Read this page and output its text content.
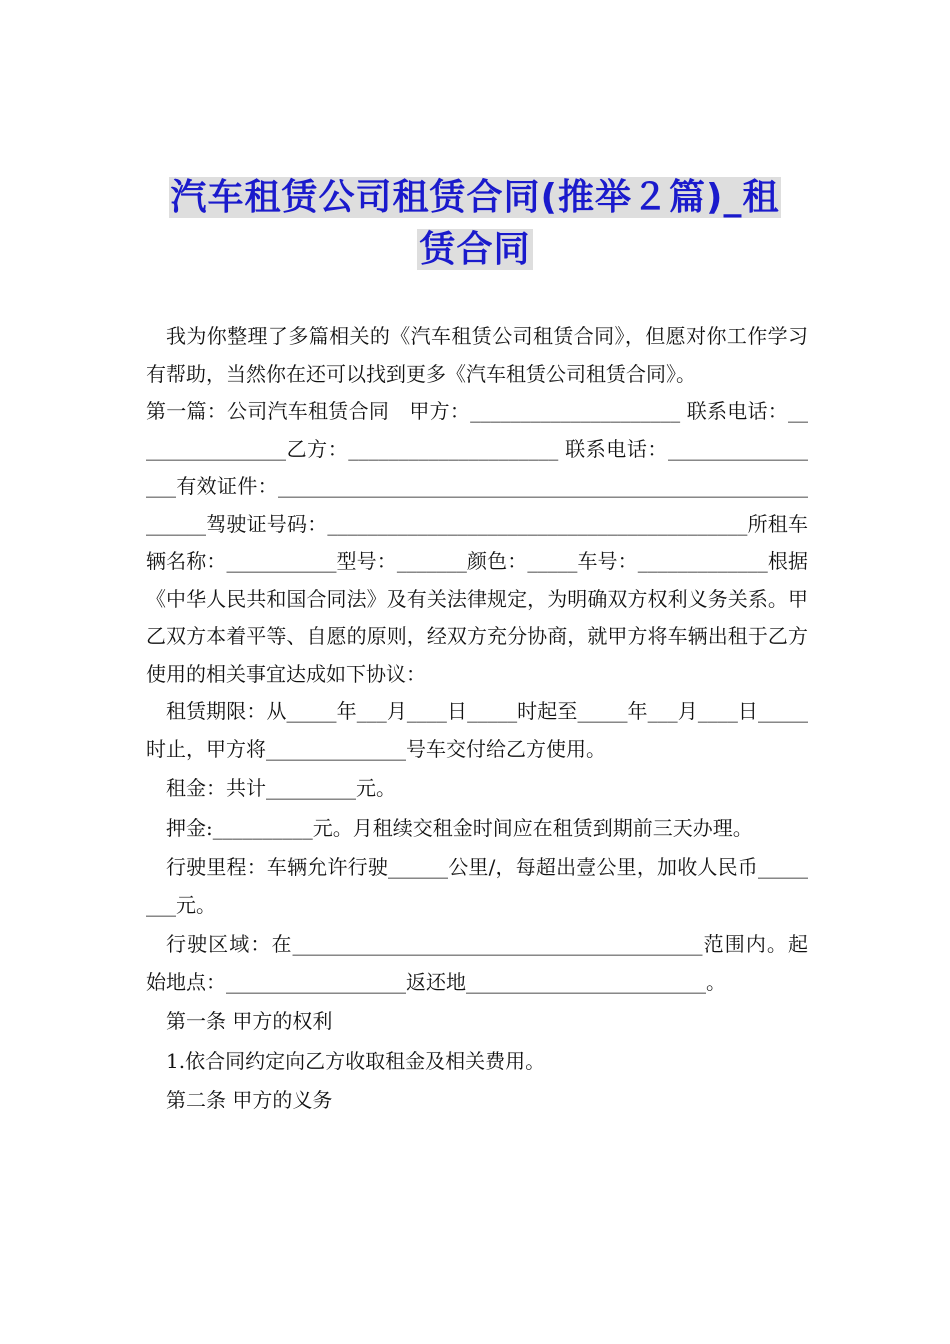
汽车租赁公司租赁合同(推举２篇)_租
赁合同

我为你整理了多篇相关的《汽车租赁公司租赁合同》，但愿对你工作学习有帮助，当然你在还可以找到更多《汽车租赁公司租赁合同》。

第一篇：公司汽车租赁合同　甲方：_____________________ 联系电话：________________乙方：_____________________ 联系电话：_________________有效证件：___________________________________________________________驾驶证号码：__________________________________________所租车辆名称：___________型号：_______颜色：_____车号：_____________根据《中华人民共和国合同法》及有关法律规定，为明确双方权利义务关系。甲乙双方本着平等、自愿的原则，经双方充分协商，就甲方将车辆出租于乙方使用的相关事宜达成如下协议：

租赁期限：从_____年___月____日_____时起至_____年___月____日_____时止，甲方将______________号车交付给乙方使用。

租金：共计_________元。

押金:__________元。月租续交租金时间应在租赁到期前三天办理。

行驶里程：车辆允许行驶______公里/，每超出壹公里，加收人民币________元。

行驶区域：在_________________________________________范围内。起始地点：__________________返还地________________________。

第一条 甲方的权利

1.依合同约定向乙方收取租金及相关费用。

第二条 甲方的义务
